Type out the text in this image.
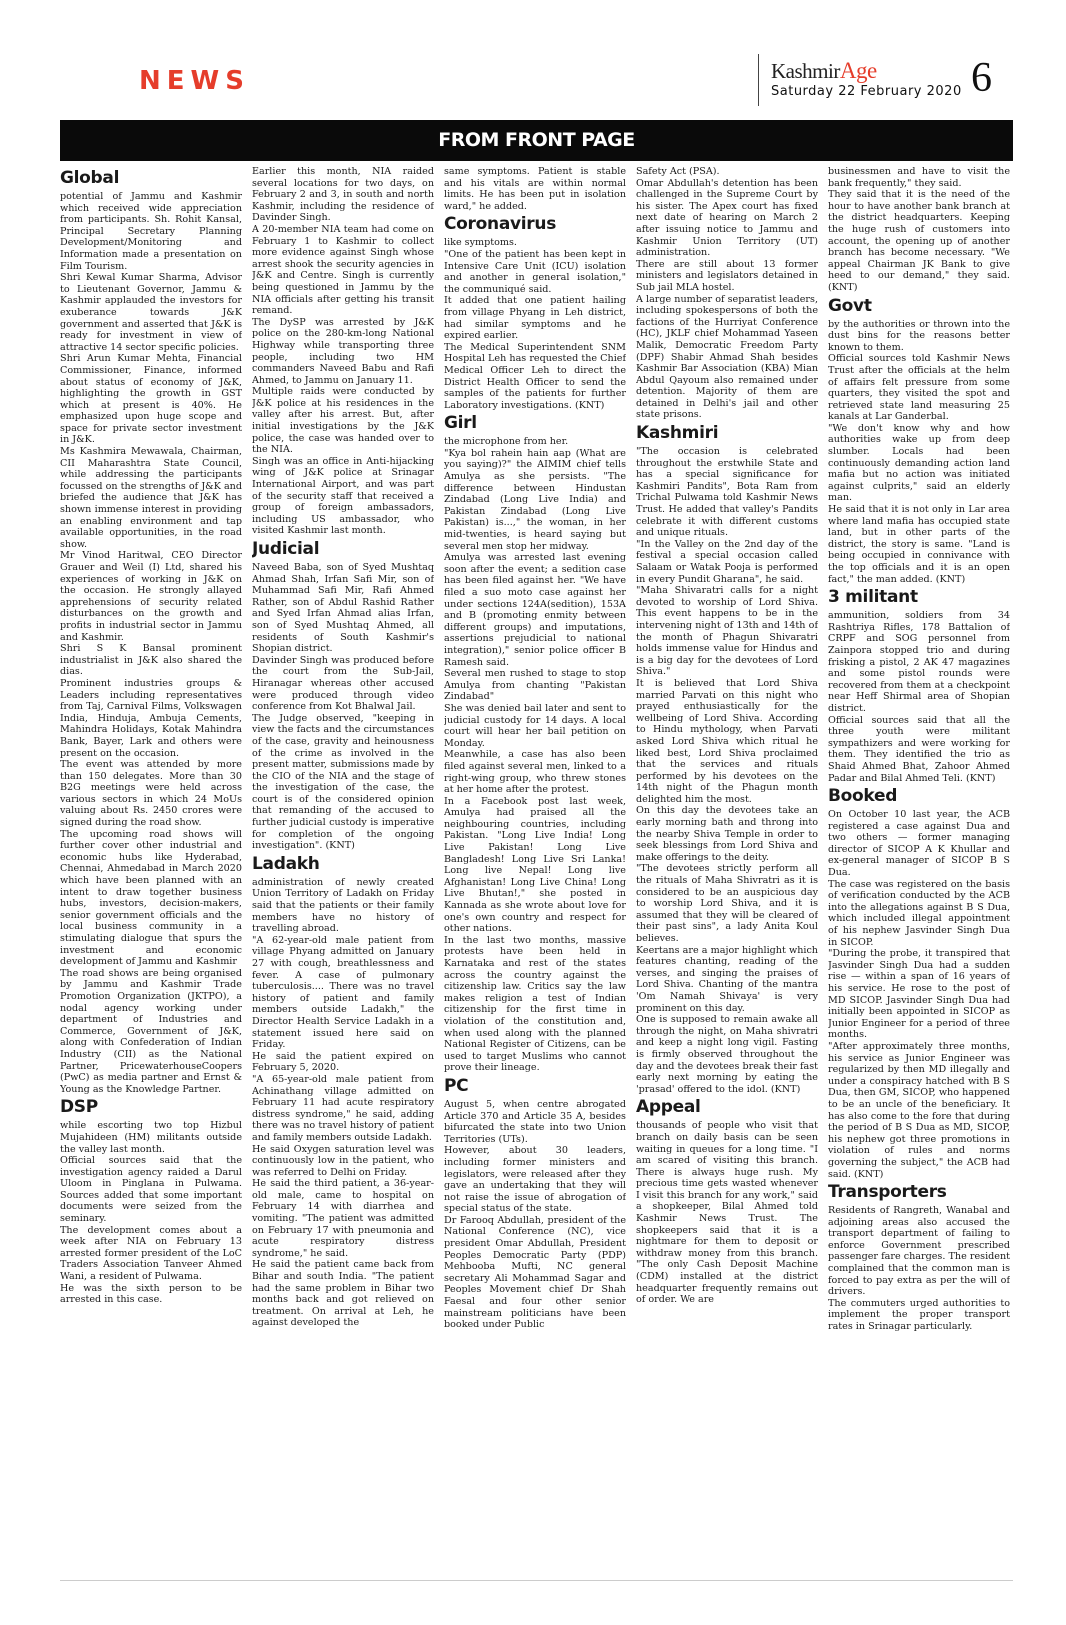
NEWS	KashmirAge
Saturday 22 February 2020 6
FROM FRONT PAGE
Global

potential of Jammu and Kashmir which received wide appreciation from participants. Sh. Rohit Kansal, Principal Secretary Planning Development/Monitoring and Information made a presentation on Film Tourism.

Shri Kewal Kumar Sharma, Advisor to Lieutenant Governor, Jammu & Kashmir applauded the investors for exuberance towards J&K government and asserted that J&K is ready for investment in view of attractive 14 sector specific policies.

Shri Arun Kumar Mehta, Financial Commissioner, Finance, informed about status of economy of J&K, highlighting the growth in GST which at present is 40%. He emphasized upon huge scope and space for private sector investment in J&K.

Ms Kashmira Mewawala, Chairman, CII Maharashtra State Council, while addressing the participants focussed on the strengths of J&K and briefed the audience that J&K has shown immense interest in providing an enabling environment and tap available opportunities, in the road show.

Mr Vinod Haritwal, CEO Director Grauer and Weil (I) Ltd, shared his experiences of working in J&K on the occasion. He strongly allayed apprehensions of security related disturbances on the growth and profits in industrial sector in Jammu and Kashmir.

Shri S K Bansal prominent industrialist in J&K also shared the dias.

Prominent industries groups & Leaders including representatives from Taj, Carnival Films, Volkswagen India, Hinduja, Ambuja Cements, Mahindra Holidays, Kotak Mahindra Bank, Bayer, Lark and others were present on the occasion.

The event was attended by more than 150 delegates. More than 30 B2G meetings were held across various sectors in which 24 MoUs valuing about Rs. 2450 crores were signed during the road show.

The upcoming road shows will further cover other industrial and economic hubs like Hyderabad, Chennai, Ahmedabad in March 2020 which have been planned with an intent to draw together business hubs, investors, decision-makers, senior government officials and the local business community in a stimulating dialogue that spurs the investment and economic development of Jammu and Kashmir

The road shows are being organised by Jammu and Kashmir Trade Promotion Organization (JKTPO), a nodal agency working under department of Industries and Commerce, Government of J&K, along with Confederation of Indian Industry (CII) as the National Partner, PricewaterhouseCoopers (PwC) as media partner and Ernst & Young as the Knowledge Partner.

DSP

while escorting two top Hizbul Mujahideen (HM) militants outside the valley last month.

Official sources said that the investigation agency raided a Darul Uloom in Pinglana in Pulwama. Sources added that some important documents were seized from the seminary.

The development comes about a week after NIA on February 13 arrested former president of the LoC Traders Association Tanveer Ahmed Wani, a resident of Pulwama.

He was the sixth person to be arrested in this case.

Earlier this month, NIA raided several locations for two days, on February 2 and 3, in south and north Kashmir, including the residence of Davinder Singh.

A 20-member NIA team had come on February 1 to Kashmir to collect more evidence against Singh whose arrest shook the security agencies in J&K and Centre. Singh is currently being questioned in Jammu by the NIA officials after getting his transit remand.

The DySP was arrested by J&K police on the 280-km-long National Highway while transporting three people, including two HM commanders Naveed Babu and Rafi Ahmed, to Jammu on January 11.

Multiple raids were conducted by J&K police at his residences in the valley after his arrest. But, after initial investigations by the J&K police, the case was handed over to the NIA.

Singh was an office in Anti-hijacking wing of J&K police at Srinagar International Airport, and was part of the security staff that received a group of foreign ambassadors, including US ambassador, who visited Kashmir last month.

Judicial

Naveed Baba, son of Syed Mushtaq Ahmad Shah, Irfan Safi Mir, son of Muhammad Safi Mir, Rafi Ahmed Rather, son of Abdul Rashid Rather and Syed Irfan Ahmad alias Irfan, son of Syed Mushtaq Ahmed, all residents of South Kashmir's Shopian district.

Davinder Singh was produced before the court from the Sub-Jail, Hiranagar whereas other accused were produced through video conference from Kot Bhalwal Jail.

The Judge observed, "keeping in view the facts and the circumstances of the case, gravity and heinousness of the crime as involved in the present matter, submissions made by the CIO of the NIA and the stage of the investigation of the case, the court is of the considered opinion that remanding of the accused to further judicial custody is imperative for completion of the ongoing investigation". (KNT)

Ladakh

administration of newly created Union Territory of Ladakh on Friday said that the patients or their family members have no history of travelling abroad.

"A 62-year-old male patient from village Phyang admitted on January 27 with cough, breathlessness and fever. A case of pulmonary tuberculosis.... There was no travel history of patient and family members outside Ladakh," the Director Health Service Ladakh in a statement issued here said on Friday.

He said the patient expired on February 5, 2020.

"A 65-year-old male patient from Achinathang village admitted on February 11 had acute respiratory distress syndrome," he said, adding there was no travel history of patient and family members outside Ladakh.

He said Oxygen saturation level was continuously low in the patient, who was referred to Delhi on Friday.

He said the third patient, a 36-year-old male, came to hospital on February 14 with diarrhea and vomiting. "The patient was admitted on February 17 with pneumonia and acute respiratory distress syndrome," he said.

He said the patient came back from Bihar and south India. "The patient had the same problem in Bihar two months back and got relieved on treatment. On arrival at Leh, he against developed the

same symptoms. Patient is stable and his vitals are within normal limits. He has been put in isolation ward," he added.

Coronavirus

like symptoms.

"One of the patient has been kept in Intensive Care Unit (ICU) isolation and another in general isolation," the communiqué said.

It added that one patient hailing from village Phyang in Leh district, had similar symptoms and he expired earlier.

The Medical Superintendent SNM Hospital Leh has requested the Chief Medical Officer Leh to direct the District Health Officer to send the samples of the patients for further Laboratory investigations. (KNT)

Girl

the microphone from her.

"Kya bol rahein hain aap (What are you saying)?" the AIMIM chief tells Amulya as she persists. "The difference between Hindustan Zindabad (Long Live India) and Pakistan Zindabad (Long Live Pakistan) is...," the woman, in her mid-twenties, is heard saying but several men stop her midway.

Amulya was arrested last evening soon after the event; a sedition case has been filed against her. "We have filed a suo moto case against her under sections 124A(sedition), 153A and B (promoting enmity between different groups) and imputations, assertions prejudicial to national integration)," senior police officer B Ramesh said.

Several men rushed to stage to stop Amulya from chanting "Pakistan Zindabad"

She was denied bail later and sent to judicial custody for 14 days. A local court will hear her bail petition on Monday.

Meanwhile, a case has also been filed against several men, linked to a right-wing group, who threw stones at her home after the protest.

In a Facebook post last week, Amulya had praised all the neighbouring countries, including Pakistan. "Long Live India! Long Live Pakistan! Long Live Bangladesh! Long Live Sri Lanka! Long live Nepal! Long live Afghanistan! Long Live China! Long Live Bhutan!," she posted in Kannada as she wrote about love for one's own country and respect for other nations.

In the last two months, massive protests have been held in Karnataka and rest of the states across the country against the citizenship law. Critics say the law makes religion a test of Indian citizenship for the first time in violation of the constitution and, when used along with the planned National Register of Citizens, can be used to target Muslims who cannot prove their lineage.

PC

August 5, when centre abrogated Article 370 and Article 35 A, besides bifurcated the state into two Union Territories (UTs).

However, about 30 leaders, including former ministers and legislators, were released after they gave an undertaking that they will not raise the issue of abrogation of special status of the state.

Dr Farooq Abdullah, president of the National Conference (NC), vice president Omar Abdullah, President Peoples Democratic Party (PDP) Mehbooba Mufti, NC general secretary Ali Mohammad Sagar and Peoples Movement chief Dr Shah Faesal and four other senior mainstream politicians have been booked under Public

Safety Act (PSA).

Omar Abdullah's detention has been challenged in the Supreme Court by his sister. The Apex court has fixed next date of hearing on March 2 after issuing notice to Jammu and Kashmir Union Territory (UT) administration.

There are still about 13 former ministers and legislators detained in Sub jail MLA hostel.

A large number of separatist leaders, including spokespersons of both the factions of the Hurriyat Conference (HC), JKLF chief Mohammad Yaseen Malik, Democratic Freedom Party (DPF) Shabir Ahmad Shah besides Kashmir Bar Association (KBA) Mian Abdul Qayoum also remained under detention. Majority of them are detained in Delhi's jail and other state prisons.

Kashmiri

"The occasion is celebrated throughout the erstwhile State and has a special significance for Kashmiri Pandits", Bota Ram from Trichal Pulwama told Kashmir News Trust. He added that valley's Pandits celebrate it with different customs and unique rituals.

"In the Valley on the 2nd day of the festival a special occasion called Salaam or Watak Pooja is performed in every Pundit Gharana", he said.

"Maha Shivaratri calls for a night devoted to worship of Lord Shiva. This event happens to be in the intervening night of 13th and 14th of the month of Phagun Shivaratri holds immense value for Hindus and is a big day for the devotees of Lord Shiva."

It is believed that Lord Shiva married Parvati on this night who prayed enthusiastically for the wellbeing of Lord Shiva. According to Hindu mythology, when Parvati asked Lord Shiva which ritual he liked best, Lord Shiva proclaimed that the services and rituals performed by his devotees on the 14th night of the Phagun month delighted him the most.

On this day the devotees take an early morning bath and throng into the nearby Shiva Temple in order to seek blessings from Lord Shiva and make offerings to the deity.

"The devotees strictly perform all the rituals of Maha Shivratri as it is considered to be an auspicious day to worship Lord Shiva, and it is assumed that they will be cleared of their past sins", a lady Anita Koul believes.

Keertans are a major highlight which features chanting, reading of the verses, and singing the praises of Lord Shiva. Chanting of the mantra 'Om Namah Shivaya' is very prominent on this day.

One is supposed to remain awake all through the night, on Maha shivratri and keep a night long vigil. Fasting is firmly observed throughout the day and the devotees break their fast early next morning by eating the 'prasad' offered to the idol. (KNT)

Appeal

thousands of people who visit that branch on daily basis can be seen waiting in queues for a long time. "I am scared of visiting this branch. There is always huge rush. My precious time gets wasted whenever I visit this branch for any work," said a shopkeeper, Bilal Ahmed told Kashmir News Trust. The shopkeepers said that it is a nightmare for them to deposit or withdraw money from this branch. "The only Cash Deposit Machine (CDM) installed at the district headquarter frequently remains out of order. We are

businessmen and have to visit the bank frequently," they said.

They said that it is the need of the hour to have another bank branch at the district headquarters. Keeping the huge rush of customers into account, the opening up of another branch has become necessary. "We appeal Chairman JK Bank to give heed to our demand," they said. (KNT)

Govt

by the authorities or thrown into the dust bins for the reasons better known to them.

Official sources told Kashmir News Trust after the officials at the helm of affairs felt pressure from some quarters, they visited the spot and retrieved state land measuring 25 kanals at Lar Ganderbal.

"We don't know why and how authorities wake up from deep slumber. Locals had been continuously demanding action land mafia but no action was initiated against culprits," said an elderly man.

He said that it is not only in Lar area where land mafia has occupied state land, but in other parts of the district, the story is same. "Land is being occupied in connivance with the top officials and it is an open fact," the man added. (KNT)

3 militant

ammunition, soldiers from 34 Rashtriya Rifles, 178 Battalion of CRPF and SOG personnel from Zainpora stopped trio and during frisking a pistol, 2 AK 47 magazines and some pistol rounds were recovered from them at a checkpoint near Heff Shirmal area of Shopian district.

Official sources said that all the three youth were militant sympathizers and were working for them. They identified the trio as Shaid Ahmed Bhat, Zahoor Ahmed Padar and Bilal Ahmed Teli. (KNT)

Booked

On October 10 last year, the ACB registered a case against Dua and two others — former managing director of SICOP A K Khullar and ex-general manager of SICOP B S Dua.

The case was registered on the basis of verification conducted by the ACB into the allegations against B S Dua, which included illegal appointment of his nephew Jasvinder Singh Dua in SICOP.

"During the probe, it transpired that Jasvinder Singh Dua had a sudden rise — within a span of 16 years of his service. He rose to the post of MD SICOP. Jasvinder Singh Dua had initially been appointed in SICOP as Junior Engineer for a period of three months.

"After approximately three months, his service as Junior Engineer was regularized by then MD illegally and under a conspiracy hatched with B S Dua, then GM, SICOP, who happened to be an uncle of the beneficiary. It has also come to the fore that during the period of B S Dua as MD, SICOP, his nephew got three promotions in violation of rules and norms governing the subject," the ACB had said. (KNT)

Transporters

Residents of Rangreth, Wanabal and adjoining areas also accused the transport department of failing to enforce Government prescribed passenger fare charges. The resident complained that the common man is forced to pay extra as per the will of drivers.

The commuters urged authorities to implement the proper transport rates in Srinagar particularly.
